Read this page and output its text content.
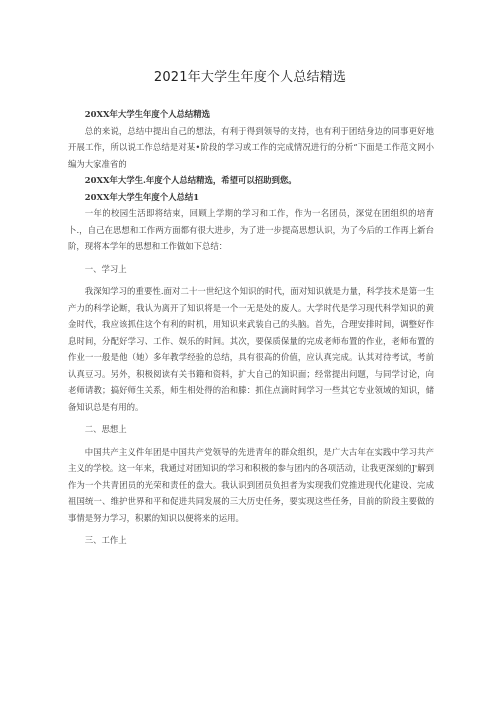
2021年大学生年度个人总结精选

20XX年大学生年度个人总结精选

总的来说，总结中提出自己的想法，有利于得到领导的支持，也有利于团结身边的同事更好地开展工作，所以说工作总结是对某•阶段的学习或工作的完成情况进行的分析“下面是工作范文网小编为大家准省的

20XX年大学生.年度个人总结精选，希望可以招助到您。

20XX年大学生年度个人总结1

一年的校园生活即将结束，回顾上学期的学习和工作，作为一名团员，深觉在团组织的培育卜.，自己在思想和工作两方面都有很大进步，为了进一步提高思想认识，为了今后的工作再上新台阶，现将本学年的思想和工作做如下总结：

一、学习上

我深知学习的重要性.面对二十一世纪这个知识的时代，面对知识就是力量，科学技术是第一生产力的科学论断，我认为离开了知识将是一个一无是处的废人。大学时代是学习现代科学知识的黄金时代，我应该抓住这个有利的时机，用知识来武装自己的头脑。首先，合理安排时间，调整好作息时间，分配好学习、工作、娱乐的时间。其次，要保质保量的完成老师布置的作业，老师布置的作业一一般是他（她）多年教学经验的总结，具有很高的价值，应认真完成。认其对待考试，考前认真豆习。另外，积极阅读有关书籍和资料，扩大自己的知识面；经常提出问题，与同学讨论，向老师请教；搞好师生关系，师生相处得的治和滕：抓住点滴时间学习一些其它专业领域的知识，储备知识总是有用的。

二、思想上

中国共产主义件年团是中国共产党领导的先进青年的群众组织，是广大古年在实践中学习共产主义的学校。这一年来，我通过对团知识的学习和积极的参与团内的各项活动，让我更深刻的J'解到作为一个共青团员的光荣和责任的盘大。我认识到团员负担者为实现我们党推进现代化建设、完成祖国统一、维护世界和平和促进共同发展的三大历史任务，要实现这些任务，目前的阶段主要做的事情是努力学习，积累的知识以便将来的运用。

三、工作上
